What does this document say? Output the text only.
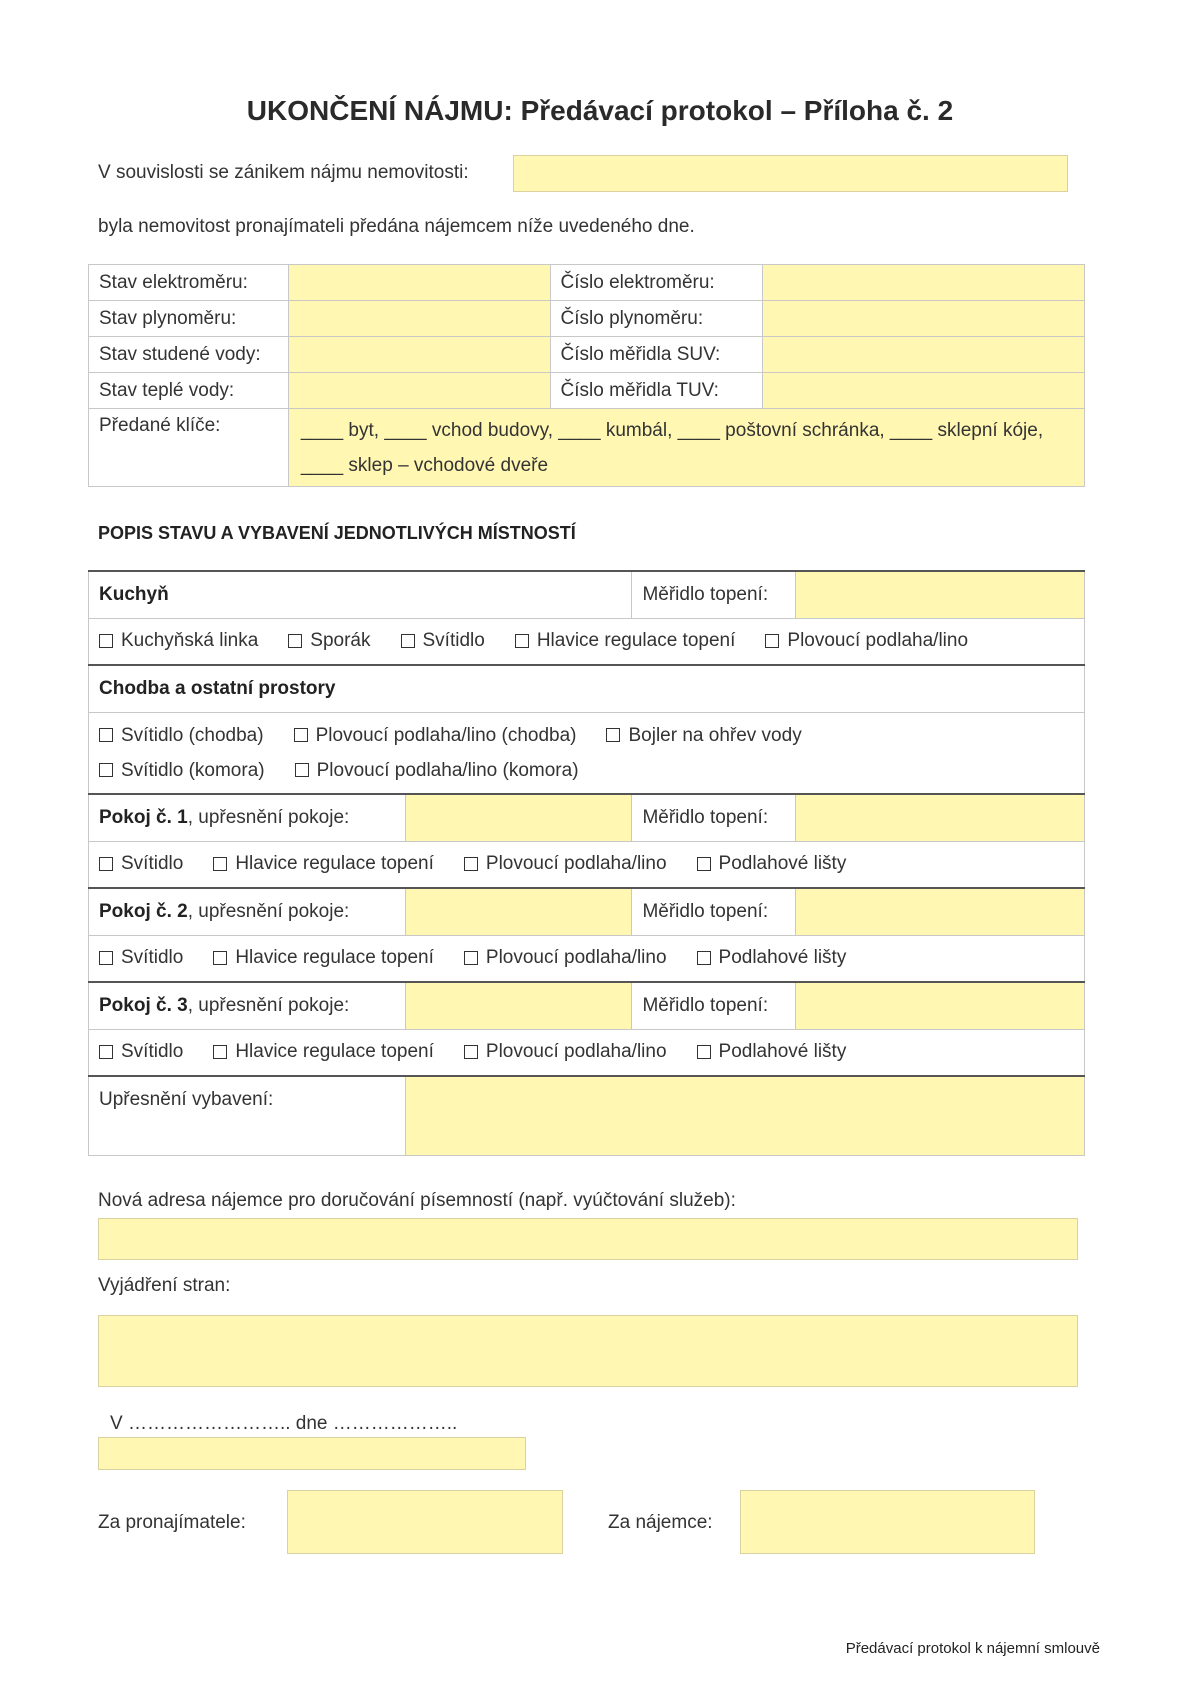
UKONČENÍ NÁJMU: Předávací protokol – Příloha č. 2
V souvislosti se zánikem nájmu nemovitosti:
byla nemovitost pronajímateli předána nájemcem níže uvedeného dne.
Stav elektroměru:		Číslo elektroměru:	
Stav plynoměru:		Číslo plynoměru:	
Stav studené vody:		Číslo měřidla SUV:	
Stav teplé vody:		Číslo měřidla TUV:	
Předané klíče:	____ byt, ____ vchod budovy, ____ kumbál, ____ poštovní schránka, ____ sklepní kóje, ____ sklep – vchodové dveře		
POPIS STAVU A VYBAVENÍ JEDNOTLIVÝCH MÍSTNOSTÍ
Kuchyň		Měřidlo topení:	

Kuchyňská linka Sporák Svítidlo Hlavice regulace topení Plovoucí podlaha/lino			

Chodba a ostatní prostory			

Svítidlo (chodba) Plovoucí podlaha/lino (chodba) Bojler na ohřev vody
Svítidlo (komora) Plovoucí podlaha/lino (komora)			

Pokoj č. 1, upřesnění pokoje:		Měřidlo topení:	

Svítidlo Hlavice regulace topení Plovoucí podlaha/lino Podlahové lišty			

Pokoj č. 2, upřesnění pokoje:		Měřidlo topení:	

Svítidlo Hlavice regulace topení Plovoucí podlaha/lino Podlahové lišty			

Pokoj č. 3, upřesnění pokoje:		Měřidlo topení:	

Svítidlo Hlavice regulace topení Plovoucí podlaha/lino Podlahové lišty			

Upřesnění vybavení:			
Nová adresa nájemce pro doručování písemností (např. vyúčtování služeb):
Vyjádření stran:
V …………………….. dne ………………..
Za pronajímatele:	Za nájemce:
Předávací protokol k nájemní smlouvě
